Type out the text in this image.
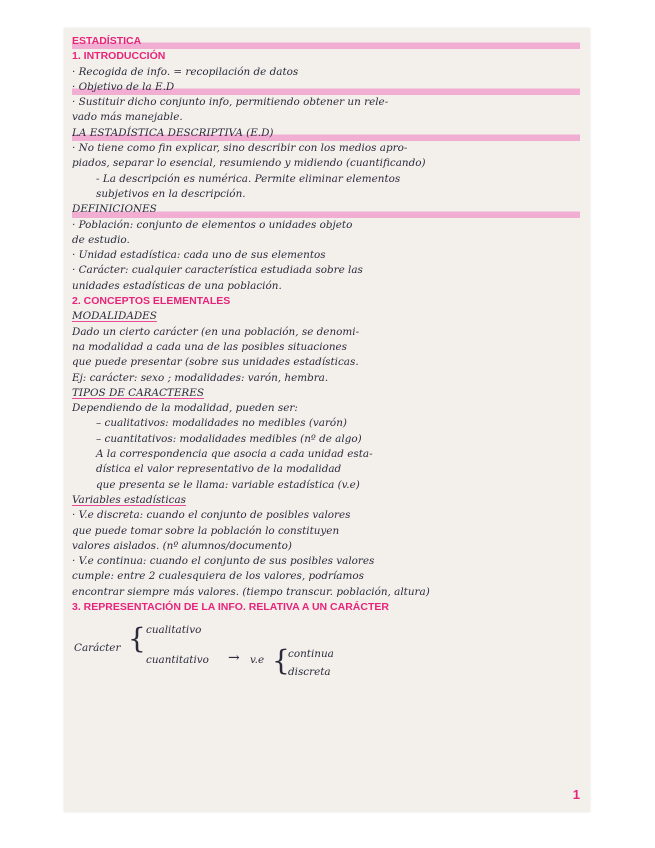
ESTADÍSTICA
1. INTRODUCCIÓN
· Recogida de info. = recopilación de datos
· Objetivo de la E.D
· Sustituir dicho conjunto info, permitiendo obtener un rele-
vado más manejable.
LA ESTADÍSTICA DESCRIPTIVA (E.D)
· No tiene como fin explicar, sino describir con los medios apro-
piados, separar lo esencial, resumiendo y midiendo (cuantificando)
- La descripción es numérica. Permite eliminar elementos
subjetivos en la descripción.
DEFINICIONES
· Población: conjunto de elementos o unidades objeto
de estudio.
· Unidad estadística: cada uno de sus elementos
· Carácter: cualquier característica estudiada sobre las
unidades estadísticas de una población.
2. CONCEPTOS ELEMENTALES
MODALIDADES
Dado un cierto carácter (en una población, se denomi-
na modalidad a cada una de las posibles situaciones
que puede presentar (sobre sus unidades estadísticas.
Ej: carácter: sexo ; modalidades: varón, hembra.
TIPOS DE CARACTERES
Dependiendo de la modalidad, pueden ser:
– cualitativos: modalidades no medibles (varón)
– cuantitativos: modalidades medibles (nº de algo)
A la correspondencia que asocia a cada unidad esta-
dística el valor representativo de la modalidad
que presenta se le llama: variable estadística (v.e)
Variables estadísticas
· V.e discreta: cuando el conjunto de posibles valores
que puede tomar sobre la población lo constituyen
valores aislados. (nº alumnos/documento)
· V.e continua: cuando el conjunto de sus posibles valores
cumple: entre 2 cualesquiera de los valores, podríamos
encontrar siempre más valores. (tiempo transcur. población, altura)
3. REPRESENTACIÓN DE LA INFO. RELATIVA A UN CARÁCTER
Carácter { cualitativo
cuantitativo → v.e {
continua
discreta
1
